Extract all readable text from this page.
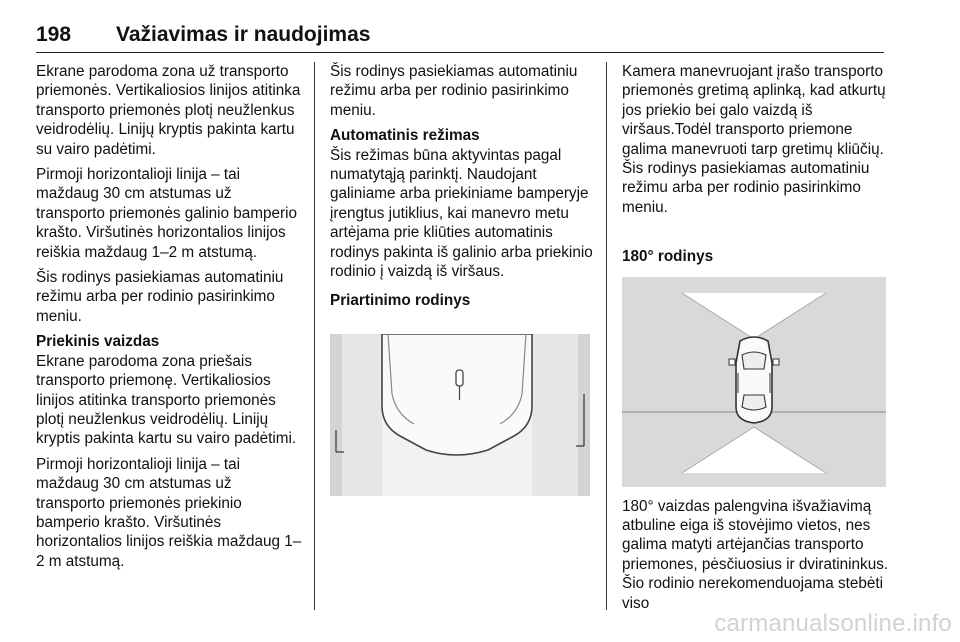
198 Važiavimas ir naudojimas

Ekrane parodoma zona už transporto priemonės. Vertikaliosios linijos atitinka transporto priemonės plotį neužlenkus veidrodėlių. Linijų kryptis pakinta kartu su vairo padėtimi.

Pirmoji horizontalioji linija – tai maždaug 30 cm atstumas už transporto priemonės galinio bamperio krašto. Viršutinės horizontalios linijos reiškia maždaug 1–2 m atstumą.

Šis rodinys pasiekiamas automatiniu režimu arba per rodinio pasirinkimo meniu.

Priekinis vaizdas

Ekrane parodoma zona priešais transporto priemonę. Vertikaliosios linijos atitinka transporto priemonės plotį neužlenkus veidrodėlių. Linijų kryptis pakinta kartu su vairo padėtimi.

Pirmoji horizontalioji linija – tai maždaug 30 cm atstumas už transporto priemonės priekinio bamperio krašto. Viršutinės horizontalios linijos reiškia maždaug 1–2 m atstumą.

Šis rodinys pasiekiamas automatiniu režimu arba per rodinio pasirinkimo meniu.

Automatinis režimas

Šis režimas būna aktyvintas pagal numatytąją parinktį. Naudojant galiniame arba priekiniame bamperyje įrengtus jutiklius, kai manevro metu artėjama prie kliūties automatinis rodinys pakinta iš galinio arba priekinio rodinio į vaizdą iš viršaus.

Priartinimo rodinys

Kamera manevruojant įrašo transporto priemonės gretimą aplinką, kad atkurtų jos priekio bei galo vaizdą iš viršaus.Todėl transporto priemone galima manevruoti tarp gretimų kliūčių. Šis rodinys pasiekiamas automatiniu režimu arba per rodinio pasirinkimo meniu.

180° rodinys

180° vaizdas palengvina išvažiavimą atbuline eiga iš stovėjimo vietos, nes galima matyti artėjančias transporto priemones, pėsčiuosius ir dviratininkus. Šio rodinio nerekomenduojama stebėti viso

carmanualsonline.info
